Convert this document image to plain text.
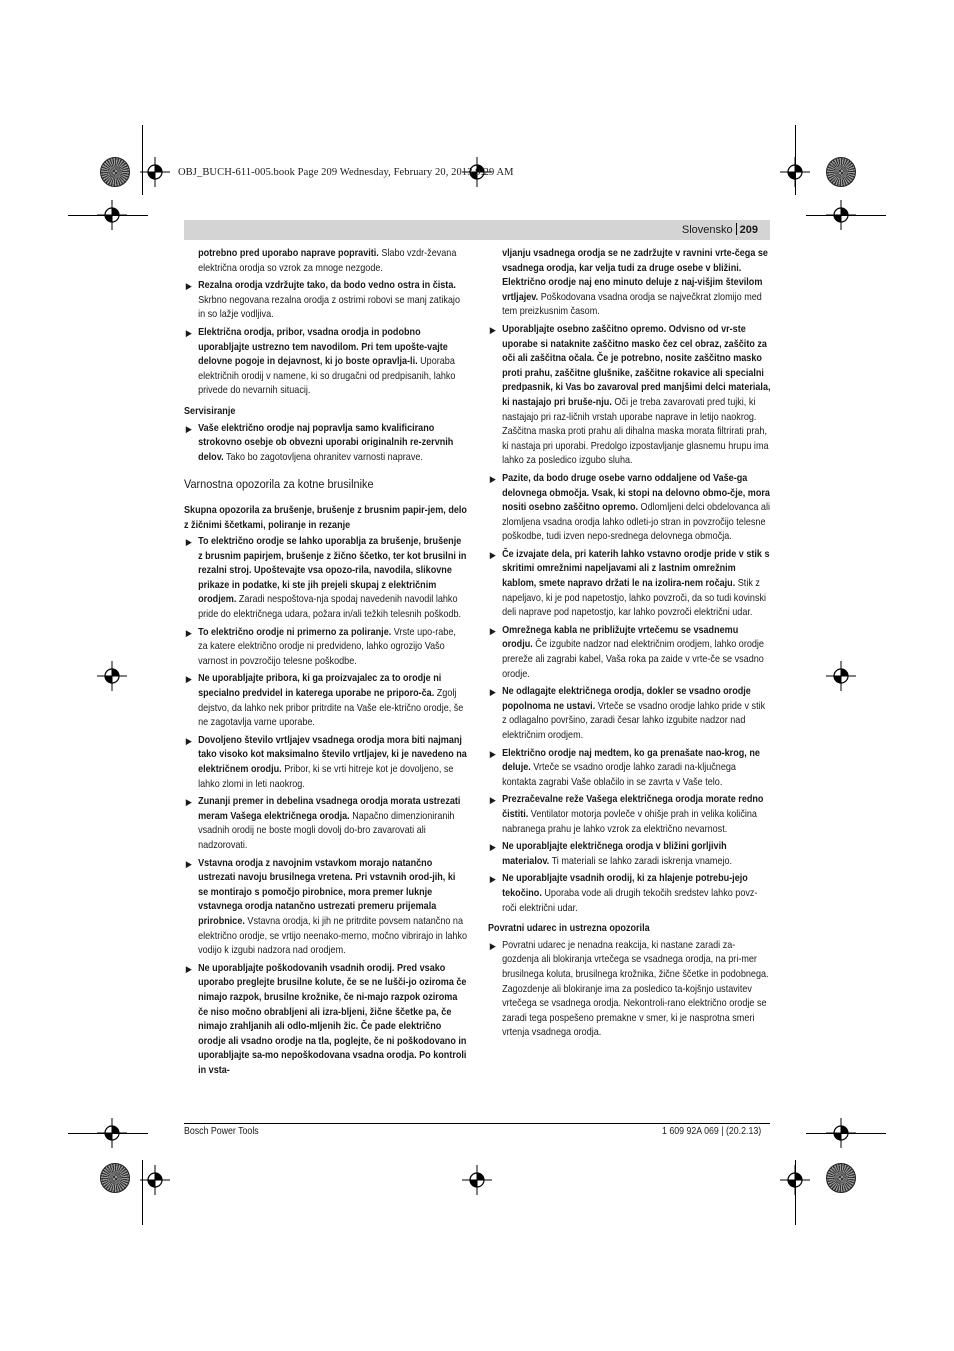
OBJ_BUCH-611-005.book Page 209 Wednesday, February 20, 2013 9:29 AM
Slovensko 209

potrebno pred uporabo naprave popraviti. Slabo vzdr-ževana električna orodja so vzrok za mnoge nezgode.

▶ Rezalna orodja vzdržujte tako, da bodo vedno ostra in čista. Skrbno negovana rezalna orodja z ostrimi robovi se manj zatikajo in so lažje vodljiva.

▶ Električna orodja, pribor, vsadna orodja in podobno uporabljajte ustrezno tem navodilom. Pri tem upošte-vajte delovne pogoje in dejavnost, ki jo boste opravlja-li. Uporaba električnih orodij v namene, ki so drugačni od predpisanih, lahko privede do nevarnih situacij.

Servisiranje

▶ Vaše električno orodje naj popravlja samo kvalificirano strokovno osebje ob obvezni uporabi originalnih re-zervnih delov. Tako bo zagotovljena ohranitev varnosti naprave.

Varnostna opozorila za kotne brusilnike

Skupna opozorila za brušenje, brušenje z brusnim papir-jem, delo z žičnimi ščetkami, poliranje in rezanje

▶ To električno orodje se lahko uporablja za brušenje, brušenje z brusnim papirjem, brušenje z žično ščetko, ter kot brusilni in rezalni stroj. Upoštevajte vsa opozo-rila, navodila, slikovne prikaze in podatke, ki ste jih prejeli skupaj z električnim orodjem. Zaradi nespoštova-nja spodaj navedenih navodil lahko pride do električnega udara, požara in/ali težkih telesnih poškodb.

▶ To električno orodje ni primerno za poliranje. Vrste upo-rabe, za katere električno orodje ni predvideno, lahko ogrozijo Vašo varnost in povzročijo telesne poškodbe.

▶ Ne uporabljajte pribora, ki ga proizvajalec za to orodje ni specialno predvidel in katerega uporabe ne priporo-ča. Zgolj dejstvo, da lahko nek pribor pritrdite na Vaše ele-ktrično orodje, še ne zagotavlja varne uporabe.

▶ Dovoljeno število vrtljajev vsadnega orodja mora biti najmanj tako visoko kot maksimalno število vrtljajev, ki je navedeno na električnem orodju. Pribor, ki se vrti hitreje kot je dovoljeno, se lahko zlomi in leti naokrog.

▶ Zunanji premer in debelina vsadnega orodja morata ustrezati meram Vašega električnega orodja. Napačno dimenzioniranih vsadnih orodij ne boste mogli dovolj do-bro zavarovati ali nadzorovati.

▶ Vstavna orodja z navojnim vstavkom morajo natančno ustrezati navoju brusilnega vretena. Pri vstavnih orod-jih, ki se montirajo s pomočjo pirobnice, mora premer luknje vstavnega orodja natančno ustrezati premeru prijemala prirobnice. Vstavna orodja, ki jih ne pritrdite povsem natančno na električno orodje, se vrtijo neenako-merno, močno vibrirajo in lahko vodijo k izgubi nadzora nad orodjem.

▶ Ne uporabljajte poškodovanih vsadnih orodij. Pred vsako uporabo preglejte brusilne kolute, če se ne lušči-jo oziroma če nimajo razpok, brusilne krožnike, če ni-majo razpok oziroma če niso močno obrabljeni ali izra-bljeni, žične ščetke pa, če nimajo zrahljanih ali odlo-mljenih žic. Če pade električno orodje ali vsadno orodje na tla, poglejte, če ni poškodovano in uporabljajte sa-mo nepoškodovana vsadna orodja. Po kontroli in vsta-

vljanju vsadnega orodja se ne zadržujte v ravnini vrte-čega se vsadnega orodja, kar velja tudi za druge osebe v bližini. Električno orodje naj eno minuto deluje z naj-višjim številom vrtljajev. Poškodovana vsadna orodja se največkrat zlomijo med tem preizkusnim časom.

▶ Uporabljajte osebno zaščitno opremo. Odvisno od vr-ste uporabe si nataknite zaščitno masko čez cel obraz, zaščito za oči ali zaščitna očala. Če je potrebno, nosite zaščitno masko proti prahu, zaščitne glušnike, zaščitne rokavice ali specialni predpasnik, ki Vas bo zavaroval pred manjšimi delci materiala, ki nastajajo pri bruše-nju. Oči je treba zavarovati pred tujki, ki nastajajo pri raz-ličnih vrstah uporabe naprave in letijo naokrog. Zaščitna maska proti prahu ali dihalna maska morata filtrirati prah, ki nastaja pri uporabi. Predolgo izpostavljanje glasnemu hrupu ima lahko za posledico izgubo sluha.

▶ Pazite, da bodo druge osebe varno oddaljene od Vaše-ga delovnega območja. Vsak, ki stopi na delovno obmo-čje, mora nositi osebno zaščitno opremo. Odlomljeni delci obdelovanca ali zlomljena vsadna orodja lahko odleti-jo stran in povzročijo telesne poškodbe, tudi izven nepo-srednega delovnega območja.

▶ Če izvajate dela, pri katerih lahko vstavno orodje pride v stik s skritimi omrežnimi napeljavami ali z lastnim omrežnim kablom, smete napravo držati le na izolira-nem ročaju. Stik z napeljavo, ki je pod napetostjo, lahko povzroči, da so tudi kovinski deli naprave pod napetostjo, kar lahko povzroči električni udar.

▶ Omrežnega kabla ne približujte vrtečemu se vsadnemu orodju. Če izgubite nadzor nad električnim orodjem, lahko orodje prereže ali zagrabi kabel, Vaša roka pa zaide v vrte-če se vsadno orodje.

▶ Ne odlagajte električnega orodja, dokler se vsadno orodje popolnoma ne ustavi. Vrteče se vsadno orodje lahko pride v stik z odlagalno površino, zaradi česar lahko izgubite nadzor nad električnim orodjem.

▶ Električno orodje naj medtem, ko ga prenašate nao-krog, ne deluje. Vrteče se vsadno orodje lahko zaradi na-ključnega kontakta zagrabi Vaše oblačilo in se zavrta v Vaše telo.

▶ Prezračevalne reže Vašega električnega orodja morate redno čistiti. Ventilator motorja povleče v ohišje prah in velika količina nabranega prahu je lahko vzrok za električno nevarnost.

▶ Ne uporabljajte električnega orodja v bližini gorljivih materialov. Ti materiali se lahko zaradi iskrenja vnamejo.

▶ Ne uporabljajte vsadnih orodij, ki za hlajenje potrebu-jejo tekočino. Uporaba vode ali drugih tekočih sredstev lahko povz-roči električni udar.

Povratni udarec in ustrezna opozorila

▶ Povratni udarec je nenadna reakcija, ki nastane zaradi za-gozdenja ali blokiranja vrtečega se vsadnega orodja, na pri-mer brusilnega koluta, brusilnega krožnika, žične ščetke in podobnega. Zagozdenje ali blokiranje ima za posledico ta-kojšnjo ustavitev vrtečega se vsadnega orodja. Nekontroli-rano električno orodje se zaradi tega pospešeno premakne v smer, ki je nasprotna smeri vrtenja vsadnega orodja.

Bosch Power Tools	1 609 92A 069 | (20.2.13)
